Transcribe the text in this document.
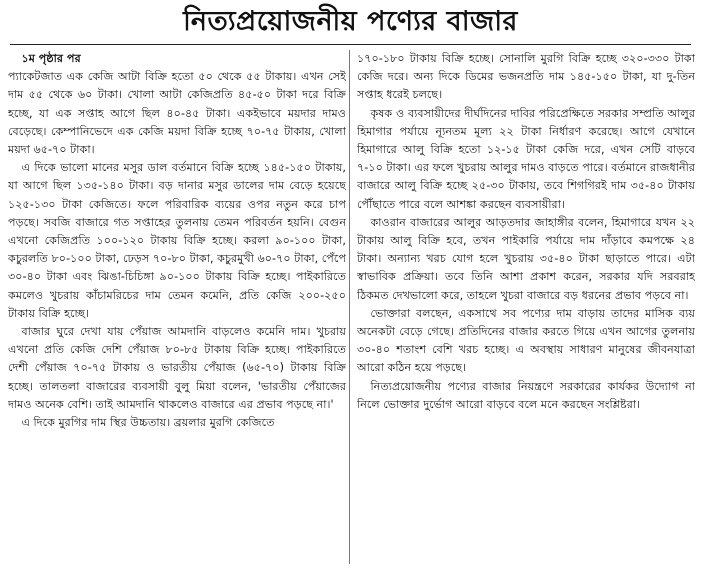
নিত্যপ্রয়োজনীয় পণ্যের বাজার

১ম পৃষ্ঠার পর

প্যাকেটজাত এক কেজি আটা বিক্রি হতো ৫০ থেকে ৫৫ টাকায়। এখন সেই দাম ৫৫ থেকে ৬০ টাকা। খোলা আটা কেজিপ্রতি ৪৫-৫০ টাকা দরে বিক্রি হচ্ছে, যা এক সপ্তাহ আগে ছিল ৪০-৪৫ টাকা। একইভাবে ময়দার দামও বেড়েছে। কেম্পানিভেদে এক কেজি ময়দা বিক্রি হচ্ছে ৭০-৭৫ টাকায়, খোলা ময়দা ৬৫-৭০ টাকা।

এ দিকে ভালো মানের মসুর ডাল বর্তমানে বিক্রি হচ্ছে ১৪৫-১৫০ টাকায়, যা আগে ছিল ১৩৫-১৪০ টাকা। বড় দানার মসুর ডালের দাম বেড়ে হয়েছে ১২৫-১৩০ টাকা কেজিতে। ফলে পরিবারিক ব্যয়ের ওপর নতুন করে চাপ পড়ছে। সবজি বাজারে গত সপ্তাহের তুলনায় তেমন পরিবর্তন হয়নি। বেগুন এখনো কেজিপ্রতি ১০০-১২০ টাকায় বিক্রি হচ্ছে। করলা ৯০-১০০ টাকা, কচুরলতি ৮০-১০০ টাকা, ঢেড়স ৭০-৮০ টাকা, কচুরমুখী ৬০-৭০ টাকা, পেঁপে ৩০-৪০ টাকা এবং ঝিঙা-চিচিঙ্গা ৯০-১০০ টাকায় বিক্রি হচ্ছে। পাইকারিতে কমলেও খুচরায় কাঁচামরিচের দাম তেমন কমেনি, প্রতি কেজি ২০০-২৫০ টাকায় বিক্রি হচ্ছে।

বাজার ঘুরে দেখা যায় পেঁয়াজ আমদানি বাড়লেও কমেনি দাম। খুচরায় এখনো প্রতি কেজি দেশি পেঁয়াজ ৮০-৮৫ টাকায় বিক্রি হচ্ছে। পাইকারিতে দেশী পেঁয়াজ ৭০-৭৫ টাকায় ও ভারতীয় পেঁয়াজ (৬৫-৭০) টাকায় বিক্রি হচ্ছে। তালতলা বাজারের ব্যবসায়ী বুলু মিয়া বলেন, 'ভারতীয় পেঁয়াজের দামও অনেক বেশি। তাই আমদানি থাকলেও বাজারে এর প্রভাব পড়ছে না।'

এ দিকে মুরগির দাম স্থির উচ্চতায়। ব্রয়লার মুরগি কেজিতে

১৭০-১৮০ টাকায় বিক্রি হচ্ছে। সোনালি মুরগি বিক্রি হচ্ছে ৩২০-৩৩০ টাকা কেজি দরে। অন্য দিকে ডিমের ভজনপ্রতি দাম ১৪৫-১৫০ টাকা, যা দু-তিন সপ্তাহ ধরেই চলছে।

কৃষক ও ব্যবসায়ীদের দীর্ঘদিনের দাবির পরিপ্রেক্ষিতে সরকার সম্প্রতি আলুর হিমাগার পর্যায়ে ন্যূনতম মূল্য ২২ টাকা নির্ধারণ করেছে। আগে যেখানে হিমাগারে আলু বিক্রি হতো ১২-১৫ টাকা কেজি দরে, এখন সেটি বাড়বে ৭-১০ টাকা। এর ফলে খুচরায় আলুর দামও বাড়তে পারে। বর্তমানে রাজধানীর বাজারে আলু বিক্রি হচ্ছে ২৫-৩০ টাকায়, তবে শিগগিরই দাম ৩৫-৪০ টাকায় পৌঁছাতে পারে বলে আশঙ্কা করছেন ব্যবসায়ীরা।

কাওরান বাজারের আলুর আড়তদার জাহাঙ্গীর বলেন, হিমাগারে যখন ২২ টাকায় আলু বিক্রি হবে, তখন পাইকারি পর্যায়ে দাম দাঁড়াবে কমপক্ষে ২৪ টাকা। অন্যান্য খরচ যোগ হলে খুচরায় ৩৫-৪০ টাকা ছাড়াতে পারে। এটা স্বাভাবিক প্রক্রিয়া। তবে তিনি আশা প্রকাশ করেন, সরকার যদি সরবরাহ ঠিকমত দেখভালো করে, তাহলে খুচরা বাজারে বড় ধরনের প্রভাব পড়বে না।

ভোক্তারা বলছেন, একসাথে সব পণ্যের দাম বাড়ায় তাদের মাসিক ব্যয় অনেকটা বেড়ে গেছে। প্রতিদিনের বাজার করতে গিয়ে এখন আগের তুলনায় ৩০-৪০ শতাংশ বেশি খরচ হচ্ছে। এ অবস্থায় সাধারণ মানুষের জীবনযাত্রা আরো কঠিন হয়ে পড়ছে।

নিত্যপ্রয়োজনীয় পণ্যের বাজার নিয়ন্ত্রণে সরকারের কার্যকর উদ্যোগ না নিলে ভোক্তার দুর্ভোগ আরো বাড়বে বলে মনে করছেন সংশ্লিষ্টরা।
